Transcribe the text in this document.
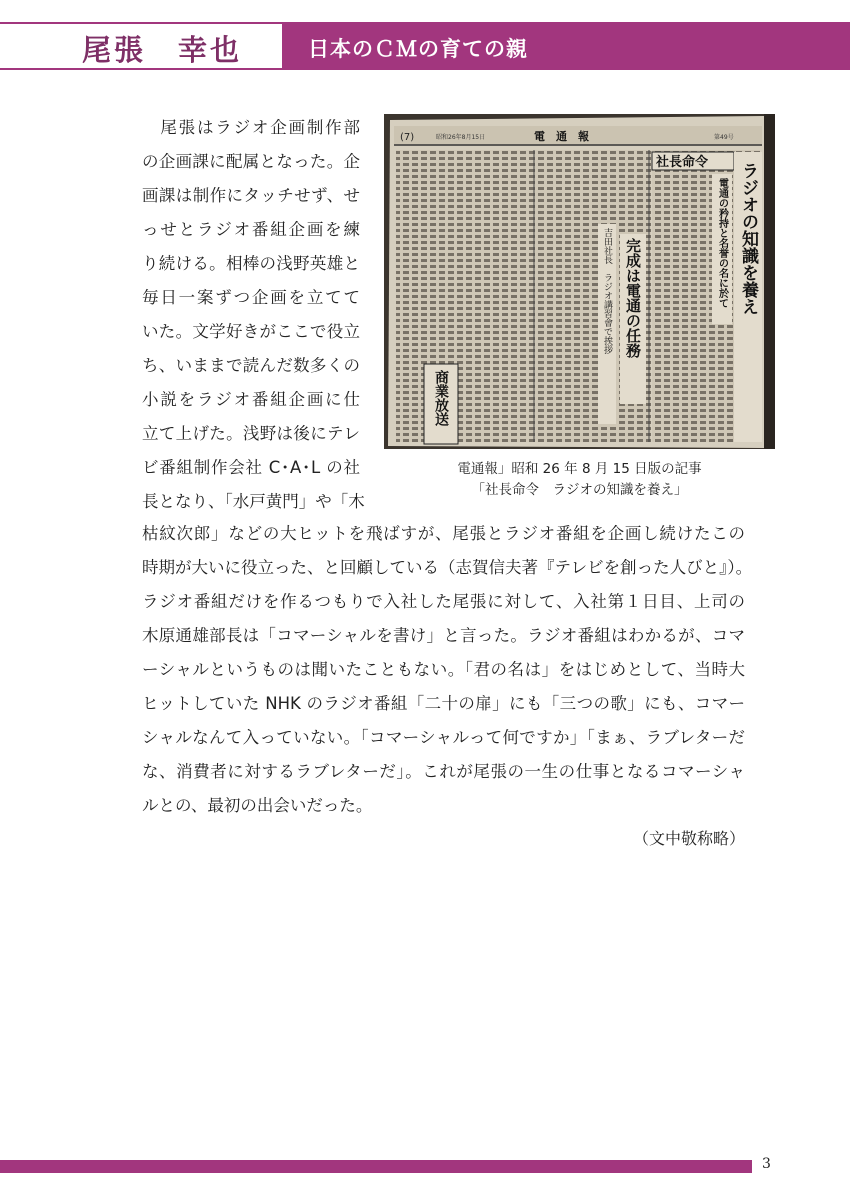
尾張　幸也	日本のＣＭの育ての親
　尾張はラジオ企画制作部
の企画課に配属となった。企
画課は制作にタッチせず、せ
っせとラジオ番組企画を練
り続ける。相棒の浅野英雄と
毎日一案ずつ企画を立てて
いた。文学好きがここで役立
ち、いままで読んだ数多くの
小説をラジオ番組企画に仕
立て上げた。浅野は後にテレ
ビ番組制作会社 C･A･L の社
長となり、「水戸黄門」や「木
枯紋次郎」などの大ヒットを飛ばすが、尾張とラジオ番組を企画し続けたこの
時期が大いに役立った、と回顧している（志賀信夫著『テレビを創った人びと』）。
ラジオ番組だけを作るつもりで入社した尾張に対して、入社第１日目、上司の
木原通雄部長は「コマーシャルを書け」と言った。ラジオ番組はわかるが、コマ
ーシャルというものは聞いたこともない。「君の名は」をはじめとして、当時大
ヒットしていた NHK のラジオ番組「二十の扉」にも「三つの歌」にも、コマー
シャルなんて入っていない。「コマーシャルって何ですか」「まぁ、ラブレターだ
な、消費者に対するラブレターだ」。これが尾張の一生の仕事となるコマーシャ
ルとの、最初の出会いだった。
(7)	昭和26年8月15日	電　通　報	第49号
社長命令 ラジオの知識を養え
電通の矜持と名誉の名に於て
完成は電通の任務
吉田社長　ラジオ講習會で挨拶
商業放送
電通報」昭和 26 年 8 月 15 日版の記事
「社長命令　ラジオの知識を養え」
（文中敬称略）
3
